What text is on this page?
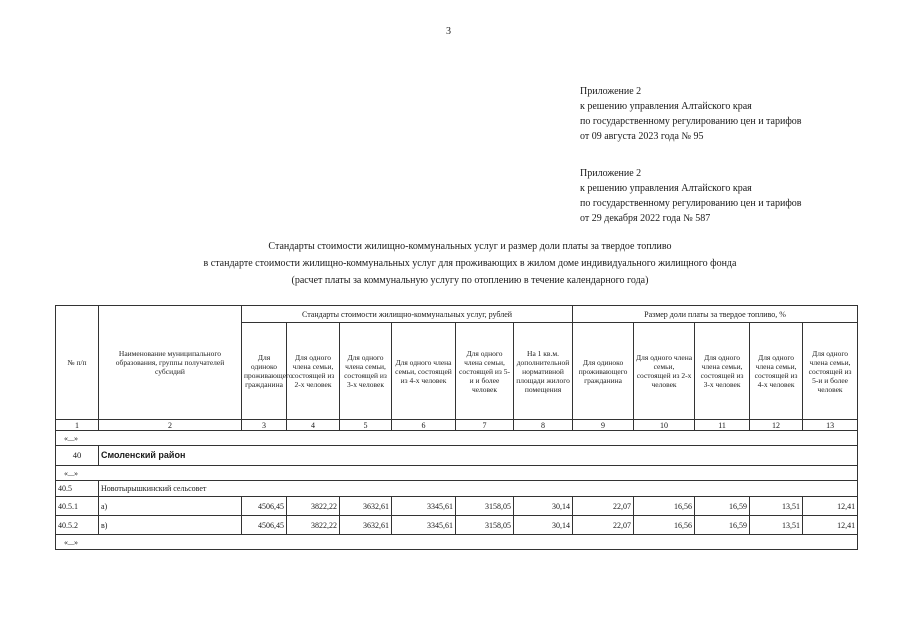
3
Приложение 2
к решению управления Алтайского края
по государственному регулированию цен и тарифов
от 09 августа 2023 года № 95
Приложение 2
к решению управления Алтайского края
по государственному регулированию цен и тарифов
от 29 декабря 2022 года № 587
Стандарты стоимости жилищно-коммунальных услуг и размер доли платы за твердое топливо
в стандарте стоимости жилищно-коммунальных услуг для проживающих в жилом доме индивидуального жилищного фонда
(расчет платы за коммунальную услугу по отоплению в течение календарного года)
№ п/п	Наименование муниципального образования, группы получателей субсидий	Стандарты стоимости жилищно-коммунальных услуг, рублей						Размер доли платы за твердое топливо, %				
		Для одиноко проживающего гражданина	Для одного члена семьи, состоящей из 2-х человек	Для одного члена семьи, состоящей из 3-х человек	Для одного члена семьи, состоящей из 4-х человек	Для одного члена семьи, состоящей из 5-и и более человек	На 1 кв.м. дополнительной нормативной площади жилого помещения	Для одиноко проживающего гражданина	Для одного члена семьи, состоящей из 2-х человек	Для одного члена семьи, состоящей из 3-х человек	Для одного члена семьи, состоящей из 4-х человек	Для одного члена семьи, состоящей из 5-и и более человек
1	2	3	4	5	6	7	8	9	10	11	12	13
«...»												
40	Смоленский район											
«...»												
40.5	Новотырышкинский сельсовет											
40.5.1	а)	4506,45	3822,22	3632,61	3345,61	3158,05	30,14	22,07	16,56	16,59	13,51	12,41
40.5.2	в)	4506,45	3822,22	3632,61	3345,61	3158,05	30,14	22,07	16,56	16,59	13,51	12,41
«...»												
